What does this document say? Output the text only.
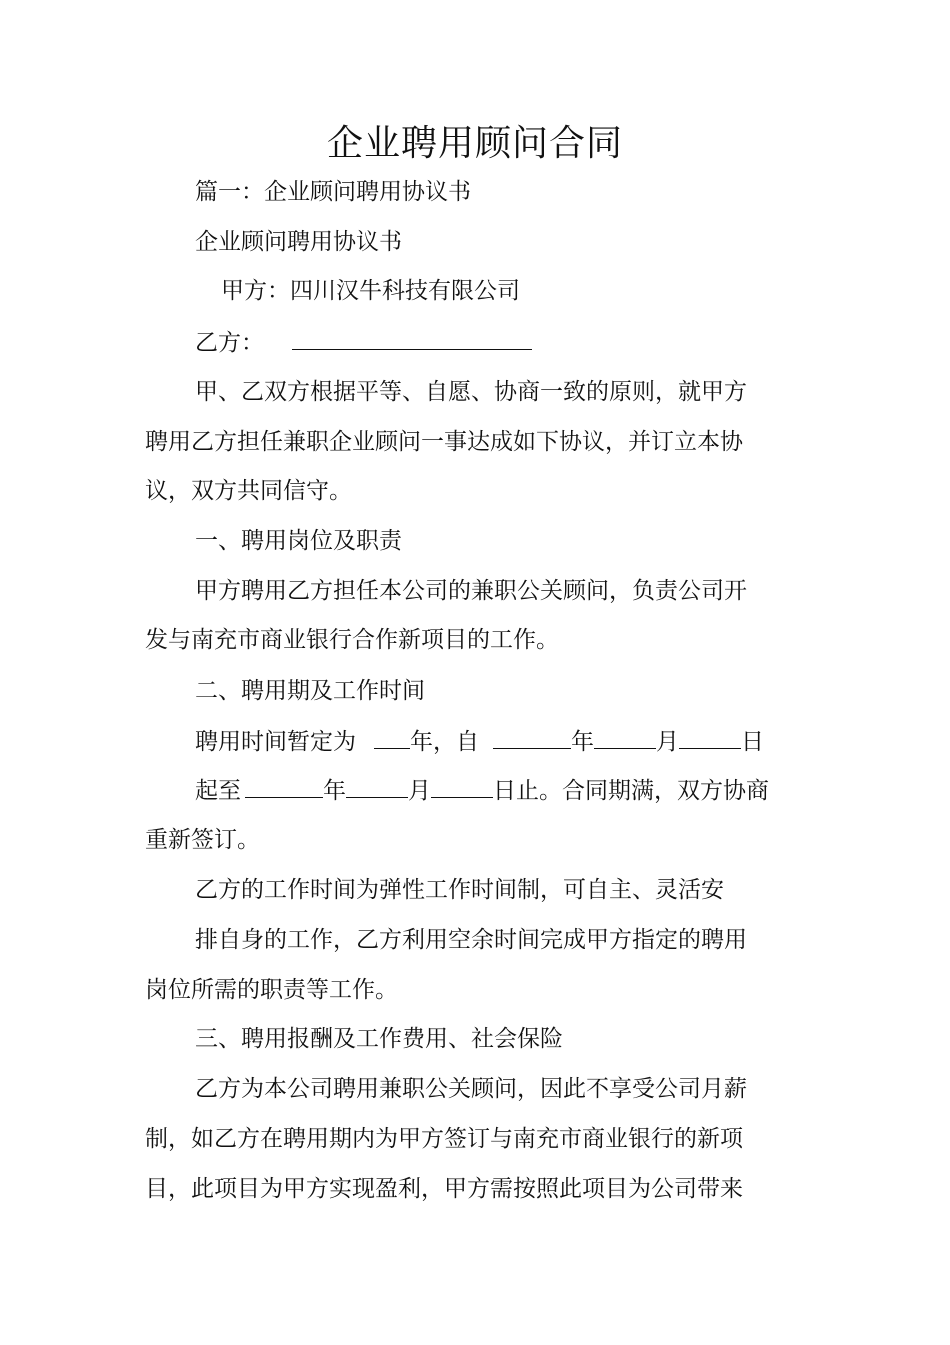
企业聘用顾问合同
篇一：企业顾问聘用协议书
企业顾问聘用协议书
甲方：四川汉牛科技有限公司
乙方：
甲、乙双方根据平等、自愿、协商一致的原则，就甲方
聘用乙方担任兼职企业顾问一事达成如下协议，并订立本协
议，双方共同信守。
一、聘用岗位及职责
甲方聘用乙方担任本公司的兼职公关顾问，负责公司开
发与南充市商业银行合作新项目的工作。
二、聘用期及工作时间
聘用时间暂定为 年，自	年	月	日
起至	年	月	日止。合同期满，双方协商
重新签订。
乙方的工作时间为弹性工作时间制，可自主、灵活安
排自身的工作，乙方利用空余时间完成甲方指定的聘用
岗位所需的职责等工作。
三、聘用报酬及工作费用、社会保险
乙方为本公司聘用兼职公关顾问，因此不享受公司月薪
制，如乙方在聘用期内为甲方签订与南充市商业银行的新项
目，此项目为甲方实现盈利，甲方需按照此项目为公司带来
